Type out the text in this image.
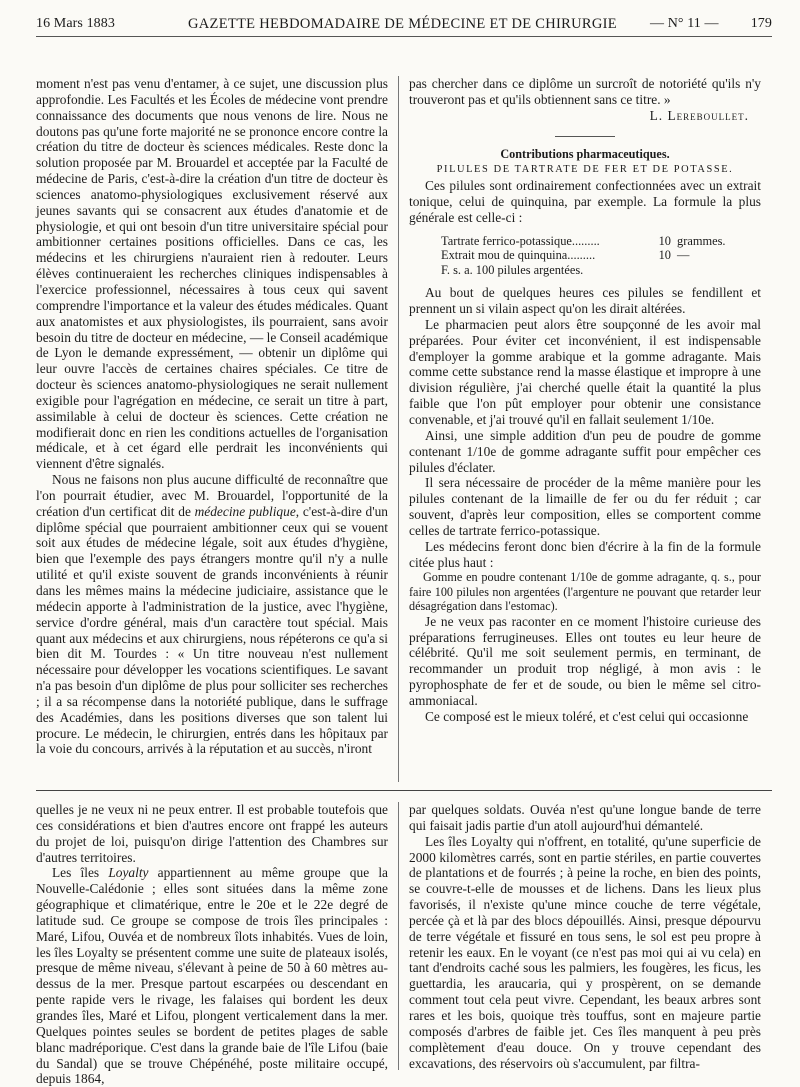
16 Mars 1883	GAZETTE HEBDOMADAIRE DE MÉDECINE ET DE CHIRURGIE — N° 11 — 179

moment n'est pas venu d'entamer, à ce sujet, une discussion plus approfondie. Les Facultés et les Écoles de médecine vont prendre connaissance des documents que nous venons de lire. Nous ne doutons pas qu'une forte majorité ne se prononce encore contre la création du titre de docteur ès sciences médicales. Reste donc la solution proposée par M. Brouardel et acceptée par la Faculté de médecine de Paris, c'est-à-dire la création d'un titre de docteur ès sciences anatomo-physiologiques exclusivement réservé aux jeunes savants qui se consacrent aux études d'anatomie et de physiologie, et qui ont besoin d'un titre universitaire spécial pour ambitionner certaines positions officielles. Dans ce cas, les médecins et les chirurgiens n'auraient rien à redouter. Leurs élèves continueraient les recherches cliniques indispensables à l'exercice professionnel, nécessaires à tous ceux qui savent comprendre l'importance et la valeur des études médicales. Quant aux anatomistes et aux physiologistes, ils pourraient, sans avoir besoin du titre de docteur en médecine, — le Conseil académique de Lyon le demande expressément, — obtenir un diplôme qui leur ouvre l'accès de certaines chaires spéciales. Ce titre de docteur ès sciences anatomo-physiologiques ne serait nullement exigible pour l'agrégation en médecine, ce serait un titre à part, assimilable à celui de docteur ès sciences. Cette création ne modifierait donc en rien les conditions actuelles de l'organisation médicale, et à cet égard elle perdrait les inconvénients qui viennent d'être signalés.

Nous ne faisons non plus aucune difficulté de reconnaître que l'on pourrait étudier, avec M. Brouardel, l'opportunité de la création d'un certificat dit de médecine publique, c'est-à-dire d'un diplôme spécial que pourraient ambitionner ceux qui se vouent soit aux études de médecine légale, soit aux études d'hygiène, bien que l'exemple des pays étrangers montre qu'il n'y a nulle utilité et qu'il existe souvent de grands inconvénients à réunir dans les mêmes mains la médecine judiciaire, assistance que le médecin apporte à l'administration de la justice, avec l'hygiène, service d'ordre général, mais d'un caractère tout spécial. Mais quant aux médecins et aux chirurgiens, nous répéterons ce qu'a si bien dit M. Tourdes : « Un titre nouveau n'est nullement nécessaire pour développer les vocations scientifiques. Le savant n'a pas besoin d'un diplôme de plus pour solliciter ses recherches ; il a sa récompense dans la notoriété publique, dans le suffrage des Académies, dans les positions diverses que son talent lui procure. Le médecin, le chirurgien, entrés dans les hôpitaux par la voie du concours, arrivés à la réputation et au succès, n'iront

pas chercher dans ce diplôme un surcroît de notoriété qu'ils n'y trouveront pas et qu'ils obtiennent sans ce titre. »

L. Lereboullet.

Contributions pharmaceutiques.

PILULES DE TARTRATE DE FER ET DE POTASSE.

Ces pilules sont ordinairement confectionnées avec un extrait tonique, celui de quinquina, par exemple. La formule la plus générale est celle-ci :

Tartrate ferrico-potassique.........	10 grammes.
Extrait mou de quinquina.........	10 —
F. s. a. 100 pilules argentées.

Au bout de quelques heures ces pilules se fendillent et prennent un si vilain aspect qu'on les dirait altérées.

Le pharmacien peut alors être soupçonné de les avoir mal préparées. Pour éviter cet inconvénient, il est indispensable d'employer la gomme arabique et la gomme adragante. Mais comme cette substance rend la masse élastique et impropre à une division régulière, j'ai cherché quelle était la quantité la plus faible que l'on pût employer pour obtenir une consistance convenable, et j'ai trouvé qu'il en fallait seulement 1/10e.

Ainsi, une simple addition d'un peu de poudre de gomme contenant 1/10e de gomme adragante suffit pour empêcher ces pilules d'éclater.

Il sera nécessaire de procéder de la même manière pour les pilules contenant de la limaille de fer ou du fer réduit ; car souvent, d'après leur composition, elles se comportent comme celles de tartrate ferrico-potassique.

Les médecins feront donc bien d'écrire à la fin de la formule citée plus haut :

Gomme en poudre contenant 1/10e de gomme adragante, q. s., pour faire 100 pilules non argentées (l'argenture ne pouvant que retarder leur désagrégation dans l'estomac).

Je ne veux pas raconter en ce moment l'histoire curieuse des préparations ferrugineuses. Elles ont toutes eu leur heure de célébrité. Qu'il me soit seulement permis, en terminant, de recommander un produit trop négligé, à mon avis : le pyrophosphate de fer et de soude, ou bien le même sel citro-ammoniacal.

Ce composé est le mieux toléré, et c'est celui qui occasionne

quelles je ne veux ni ne peux entrer. Il est probable toutefois que ces considérations et bien d'autres encore ont frappé les auteurs du projet de loi, puisqu'on dirige l'attention des Chambres sur d'autres territoires.

Les îles Loyalty appartiennent au même groupe que la Nouvelle-Calédonie ; elles sont situées dans la même zone géographique et climatérique, entre le 20e et le 22e degré de latitude sud. Ce groupe se compose de trois îles principales : Maré, Lifou, Ouvéa et de nombreux îlots inhabités. Vues de loin, les îles Loyalty se présentent comme une suite de plateaux isolés, presque de même niveau, s'élevant à peine de 50 à 60 mètres au-dessus de la mer. Presque partout escarpées ou descendant en pente rapide vers le rivage, les falaises qui bordent les deux grandes îles, Maré et Lifou, plongent verticalement dans la mer. Quelques pointes seules se bordent de petites plages de sable blanc madréporique. C'est dans la grande baie de l'île Lifou (baie du Sandal) que se trouve Chépénéhé, poste militaire occupé, depuis 1864,

par quelques soldats. Ouvéa n'est qu'une longue bande de terre qui faisait jadis partie d'un atoll aujourd'hui démantelé.

Les îles Loyalty qui n'offrent, en totalité, qu'une superficie de 2000 kilomètres carrés, sont en partie stériles, en partie couvertes de plantations et de fourrés ; à peine la roche, en bien des points, se couvre-t-elle de mousses et de lichens. Dans les lieux plus favorisés, il n'existe qu'une mince couche de terre végétale, percée çà et là par des blocs dépouillés. Ainsi, presque dépourvu de terre végétale et fissuré en tous sens, le sol est peu propre à retenir les eaux. En le voyant (ce n'est pas moi qui ai vu cela) en tant d'endroits caché sous les palmiers, les fougères, les ficus, les guettardia, les araucaria, qui y prospèrent, on se demande comment tout cela peut vivre. Cependant, les beaux arbres sont rares et les bois, quoique très touffus, sont en majeure partie composés d'arbres de faible jet. Ces îles manquent à peu près complètement d'eau douce. On y trouve cependant des excavations, des réservoirs où s'accumulent, par filtra-
